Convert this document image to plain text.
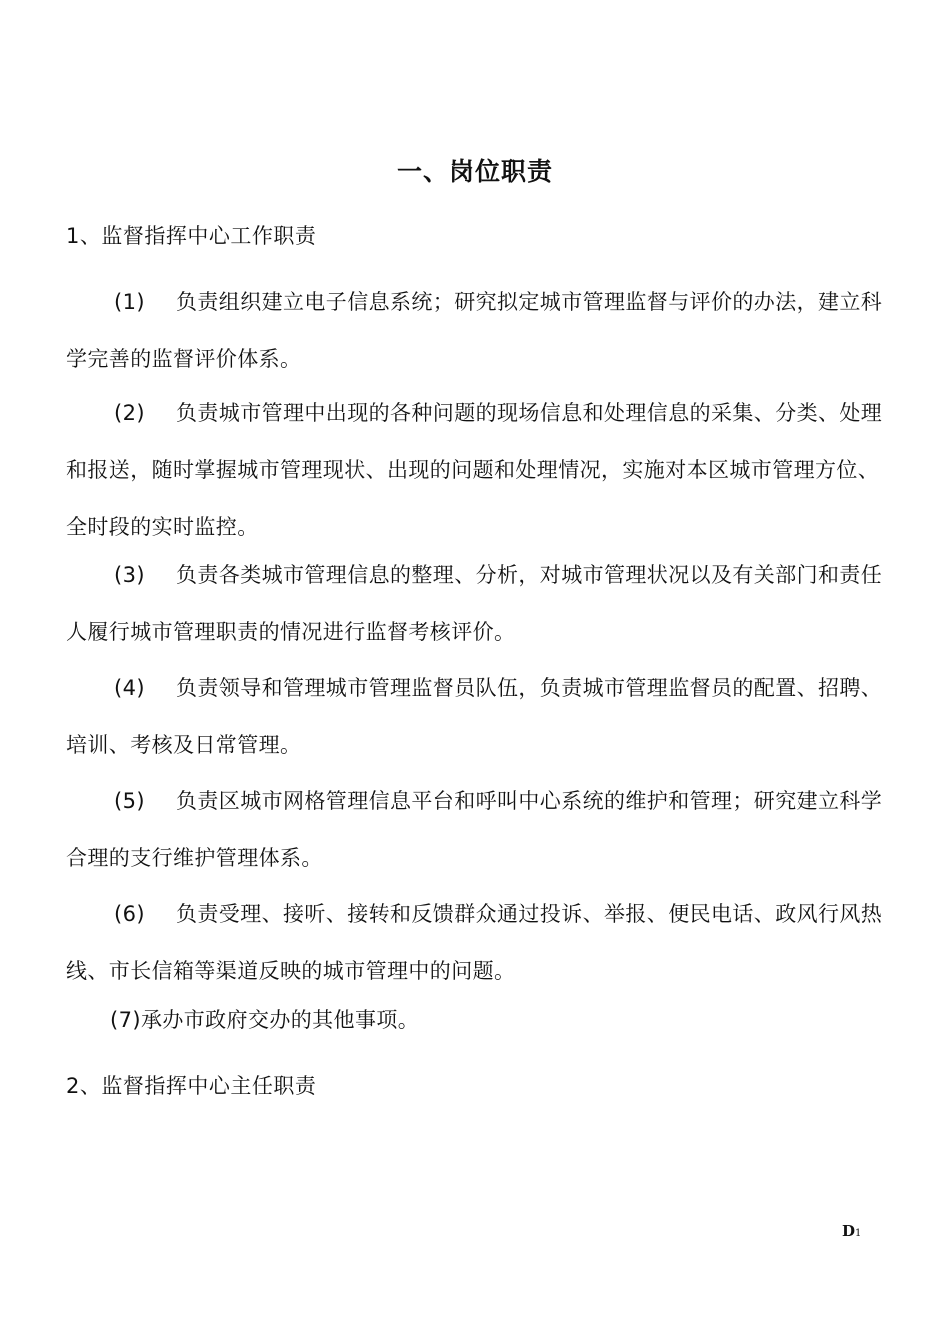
一、岗位职责
1、监督指挥中心工作职责
(1) 负责组织建立电子信息系统；研究拟定城市管理监督与评价的办法，建立科学完善的监督评价体系。
(2) 负责城市管理中出现的各种问题的现场信息和处理信息的采集、分类、处理和报送，随时掌握城市管理现状、出现的问题和处理情况，实施对本区城市管理方位、全时段的实时监控。
(3) 负责各类城市管理信息的整理、分析，对城市管理状况以及有关部门和责任人履行城市管理职责的情况进行监督考核评价。
(4) 负责领导和管理城市管理监督员队伍，负责城市管理监督员的配置、招聘、培训、考核及日常管理。
(5) 负责区城市网格管理信息平台和呼叫中心系统的维护和管理；研究建立科学合理的支行维护管理体系。
(6) 负责受理、接听、接转和反馈群众通过投诉、举报、便民电话、政风行风热线、市长信箱等渠道反映的城市管理中的问题。
(7)承办市政府交办的其他事项。
2、监督指挥中心主任职责
D1
